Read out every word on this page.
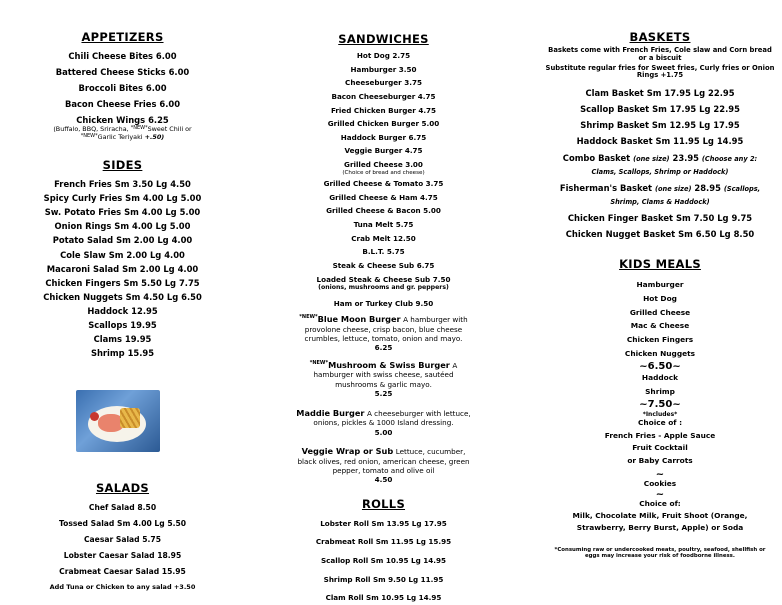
APPETIZERS
Chili Cheese Bites 6.00
Battered Cheese Sticks 6.00
Broccoli Bites 6.00
Bacon Cheese Fries 6.00
Chicken Wings 6.25
(Buffalo, BBQ, Sriracha, $^{*NEW*}$Sweet Chili or
$^{*NEW*}$Garlic Teriyaki +.50)
SIDES
French Fries Sm 3.50 Lg 4.50
Spicy Curly Fries Sm 4.00 Lg 5.00
Sw. Potato Fries Sm 4.00 Lg 5.00
Onion Rings Sm 4.00 Lg 5.00
Potato Salad Sm 2.00 Lg 4.00
Cole Slaw Sm 2.00 Lg 4.00
Macaroni Salad Sm 2.00 Lg 4.00
Chicken Fingers Sm 5.50 Lg 7.75
Chicken Nuggets Sm 4.50 Lg 6.50
Haddock 12.95
Scallops 19.95
Clams 19.95
Shrimp 15.95
SALADS
Chef Salad 8.50
Tossed Salad Sm 4.00 Lg 5.50
Caesar Salad 5.75
Lobster Caesar Salad 18.95
Crabmeat Caesar Salad 15.95
Add Tuna or Chicken to any salad +3.50
SANDWICHES
Hot Dog 2.75
Hamburger 3.50
Cheeseburger 3.75
Bacon Cheeseburger 4.75
Fried Chicken Burger 4.75
Grilled Chicken Burger 5.00
Haddock Burger 6.75
Veggie Burger 4.75
Grilled Cheese 3.00
(Choice of bread and cheese)
Grilled Cheese & Tomato 3.75
Grilled Cheese & Ham 4.75
Grilled Cheese & Bacon 5.00
Tuna Melt 5.75
Crab Melt 12.50
B.L.T. 5.75
Steak & Cheese Sub 6.75
Loaded Steak & Cheese Sub 7.50
(onions, mushrooms and gr. peppers)
Ham or Turkey Club 9.50
$^{*NEW*}$Blue Moon Burger A hamburger with provolone cheese, crisp bacon, blue cheese crumbles, lettuce, tomato, onion and mayo. 6.25
$^{*NEW*}$Mushroom & Swiss Burger A hamburger with swiss cheese, sautéed mushrooms & garlic mayo.
5.25
Maddie Burger A cheeseburger with lettuce, onions, pickles & 1000 Island dressing.
5.00
Veggie Wrap or Sub Lettuce, cucumber, black olives, red onion, american cheese, green pepper, tomato and olive oil
4.50
ROLLS
Lobster Roll Sm 13.95 Lg 17.95
Crabmeat Roll Sm 11.95 Lg 15.95
Scallop Roll Sm 10.95 Lg 14.95
Shrimp Roll Sm 9.50 Lg 11.95
Clam Roll Sm 10.95 Lg 14.95
BASKETS
Baskets come with French Fries, Cole slaw and Corn bread or a biscuit
Substitute regular fries for Sweet fries, Curly fries or Onion Rings +1.75
Clam Basket Sm 17.95 Lg 22.95
Scallop Basket Sm 17.95 Lg 22.95
Shrimp Basket Sm 12.95 Lg 17.95
Haddock Basket Sm 11.95 Lg 14.95
Combo Basket (one size) 23.95 (Choose any 2:
Clams, Scallops, Shrimp or Haddock)
Fisherman's Basket (one size) 28.95 (Scallops,
Shrimp, Clams & Haddock)
Chicken Finger Basket Sm 7.50 Lg 9.75
Chicken Nugget Basket Sm 6.50 Lg 8.50
KIDS MEALS
Hamburger
Hot Dog
Grilled Cheese
Mac & Cheese
Chicken Fingers
Chicken Nuggets
~6.50~
Haddock
Shrimp
~7.50~
*Includes*
Choice of :
French Fries - Apple Sauce
Fruit Cocktail
or Baby Carrots
~
Cookies
~
Choice of:
Milk, Chocolate Milk, Fruit Shoot (Orange,
Strawberry, Berry Burst, Apple) or Soda
*Consuming raw or undercooked meats, poultry, seafood, shellfish or eggs may increase your risk of foodborne illness.
